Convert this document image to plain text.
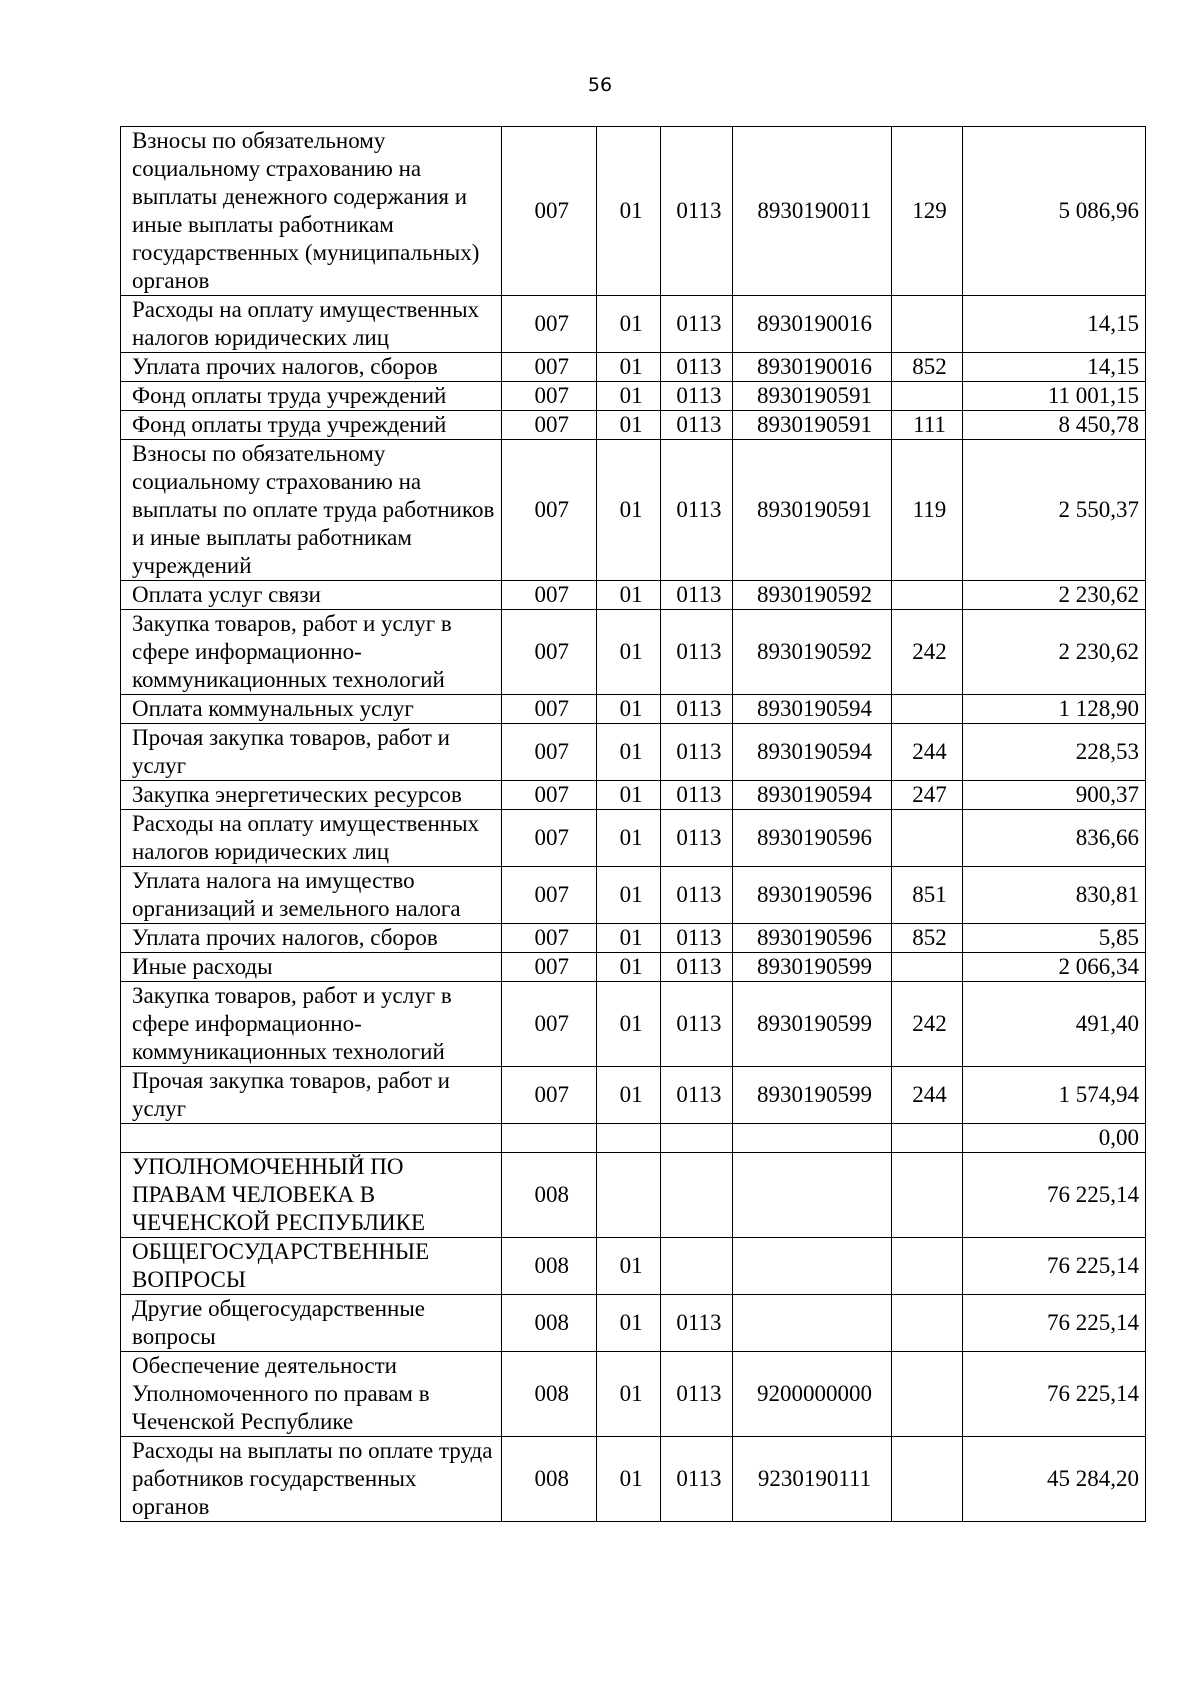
56
Взносы по обязательному социальному страхованию на выплаты денежного содержания и иные выплаты работникам государственных (муниципальных) органов	007	01	0113	8930190011	129	5 086,96
Расходы на оплату имущественных налогов юридических лиц	007	01	0113	8930190016		14,15
Уплата прочих налогов, сборов	007	01	0113	8930190016	852	14,15
Фонд оплаты труда учреждений	007	01	0113	8930190591		11 001,15
Фонд оплаты труда учреждений	007	01	0113	8930190591	111	8 450,78
Взносы по обязательному социальному страхованию на выплаты по оплате труда работников и иные выплаты работникам учреждений	007	01	0113	8930190591	119	2 550,37
Оплата услуг связи	007	01	0113	8930190592		2 230,62
Закупка товаров, работ и услуг в сфере информационно-коммуникационных технологий	007	01	0113	8930190592	242	2 230,62
Оплата коммунальных услуг	007	01	0113	8930190594		1 128,90
Прочая закупка товаров, работ и услуг	007	01	0113	8930190594	244	228,53
Закупка энергетических ресурсов	007	01	0113	8930190594	247	900,37
Расходы на оплату имущественных налогов юридических лиц	007	01	0113	8930190596		836,66
Уплата налога на имущество организаций и земельного налога	007	01	0113	8930190596	851	830,81
Уплата прочих налогов, сборов	007	01	0113	8930190596	852	5,85
Иные расходы	007	01	0113	8930190599		2 066,34
Закупка товаров, работ и услуг в сфере информационно-коммуникационных технологий	007	01	0113	8930190599	242	491,40
Прочая закупка товаров, работ и услуг	007	01	0113	8930190599	244	1 574,94
						0,00
УПОЛНОМОЧЕННЫЙ ПО ПРАВАМ ЧЕЛОВЕКА В ЧЕЧЕНСКОЙ РЕСПУБЛИКЕ	008					76 225,14
ОБЩЕГОСУДАРСТВЕННЫЕ ВОПРОСЫ	008	01				76 225,14
Другие общегосударственные вопросы	008	01	0113			76 225,14
Обеспечение деятельности Уполномоченного по правам в Чеченской Республике	008	01	0113	9200000000		76 225,14
Расходы на выплаты по оплате труда работников государственных органов	008	01	0113	9230190111		45 284,20
